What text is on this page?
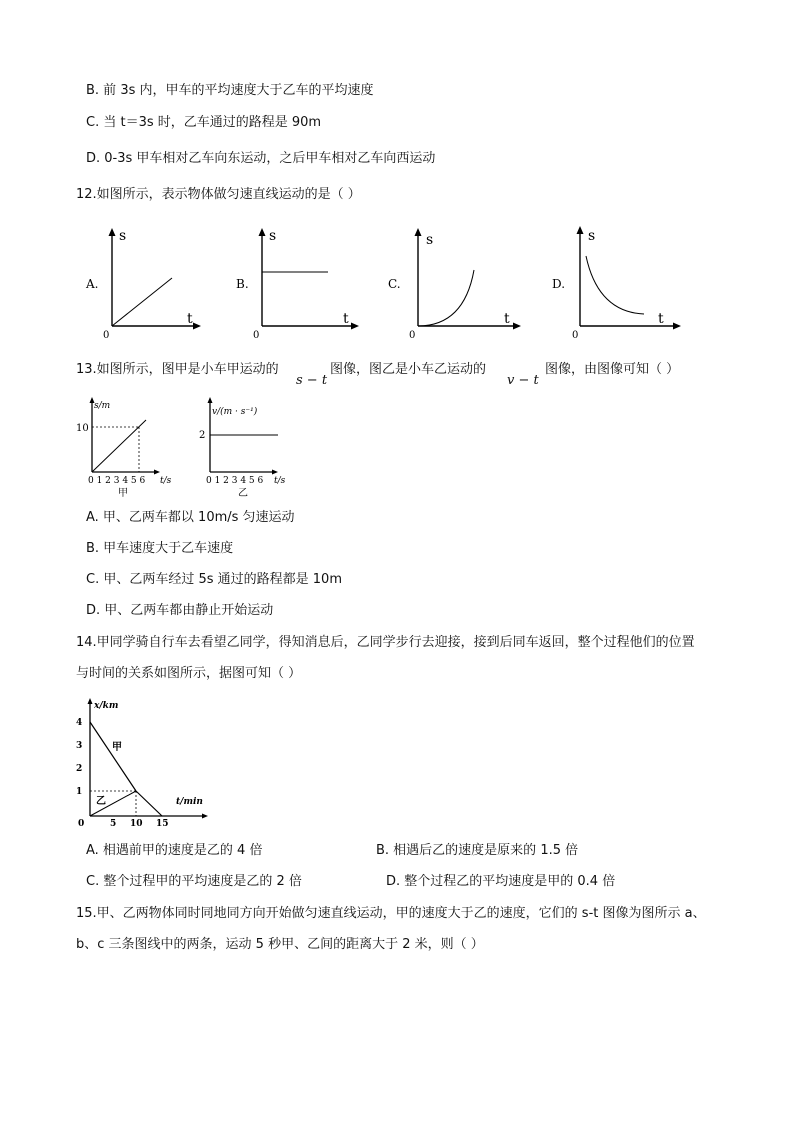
B. 前 3s 内，甲车的平均速度大于乙车的平均速度
C. 当 t＝3s 时，乙车通过的路程是 90m
D. 0-3s 甲车相对乙车向东运动，之后甲车相对乙车向西运动
12.如图所示，表示物体做匀速直线运动的是（ ）
A.
s
t
0
B.
s
t
0
C.
s
t
0
D.
s
t
0
13.如图所示，图甲是小车甲运动的
s − t
图像，图乙是小车乙运动的
v − t
图像，由图像可知（ ）
s/m
10
0 1 2 3 4 5 6 t/s
甲
v/(m · s⁻¹)
2
0 1 2 3 4 5 6 t/s
乙
A. 甲、乙两车都以 10m/s 匀速运动
B. 甲车速度大于乙车速度
C. 甲、乙两车经过 5s 通过的路程都是 10m
D. 甲、乙两车都由静止开始运动
14.甲同学骑自行车去看望乙同学，得知消息后，乙同学步行去迎接，接到后同车返回，整个过程他们的位置
与时间的关系如图所示，据图可知（ ）
x/km
4
3
2
1
0	5 10 15
t/min
甲
乙
A. 相遇前甲的速度是乙的 4 倍	B. 相遇后乙的速度是原来的 1.5 倍
C. 整个过程甲的平均速度是乙的 2 倍	D. 整个过程乙的平均速度是甲的 0.4 倍
15.甲、乙两物体同时同地同方向开始做匀速直线运动，甲的速度大于乙的速度，它们的 s-t 图像为图所示 a、
b、c 三条图线中的两条，运动 5 秒甲、乙间的距离大于 2 米，则（ ）
